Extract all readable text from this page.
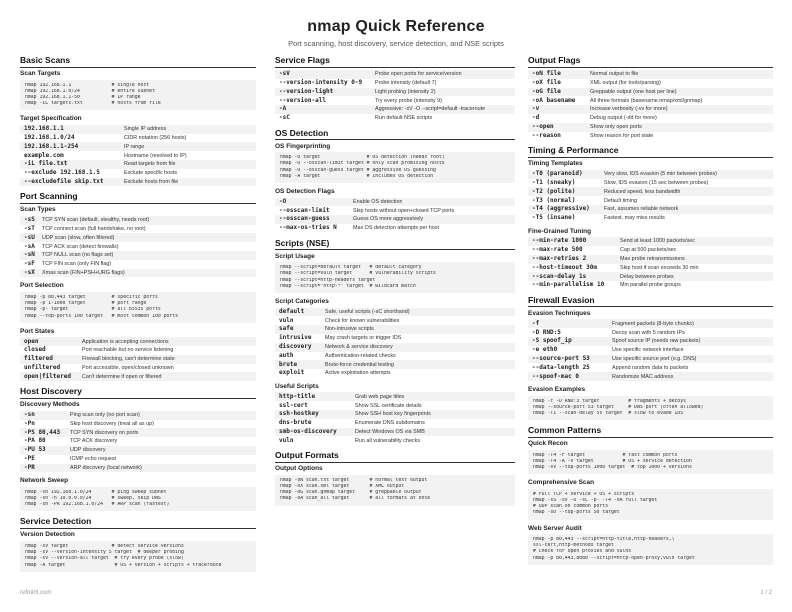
nmap Quick Reference
Port scanning, host discovery, service detection, and NSE scripts
Basic Scans
Scan Targets
nmap 192.168.1.1              # single host
nmap 192.168.1.0/24           # entire subnet
nmap 192.168.1.1-50           # IP range
nmap -iL targets.txt          # hosts from file
Target Specification
192.168.1.1	Single IP address
192.168.1.0/24	CIDR notation (256 hosts)
192.168.1.1-254	IP range
example.com	Hostname (resolved to IP)
-iL file.txt	Read targets from file
--exclude 192.168.1.5	Exclude specific hosts
--excludefile skip.txt	Exclude hosts from file
Port Scanning
Scan Types
-sS	TCP SYN scan (default, stealthy, needs root)
-sT	TCP connect scan (full handshake, no root)
-sU	UDP scan (slow, often filtered)
-sA	TCP ACK scan (detect firewalls)
-sN	TCP NULL scan (no flags set)
-sF	TCP FIN scan (only FIN flag)
-sX	Xmas scan (FIN+PSH+URG flags)
Port Selection
nmap -p 80,443 target         # specific ports
nmap -p 1-1000 target         # port range
nmap -p- target               # all 65535 ports
nmap --top-ports 100 target   # most common 100 ports
Port States
open	Application is accepting connections
closed	Port reachable but no service listening
filtered	Firewall blocking, can't determine state
unfiltered	Port accessible, open/closed unknown
open|filtered	Can't determine if open or filtered
Host Discovery
Discovery Methods
-sn	Ping scan only (no port scan)
-Pn	Skip host discovery (treat all as up)
-PS 80,443	TCP SYN discovery on ports
-PA 80	TCP ACK discovery
-PU 53	UDP discovery
-PE	ICMP echo request
-PR	ARP discovery (local network)
Network Sweep
nmap -sn 192.168.1.0/24       # ping sweep subnet
nmap -sn -n 10.0.0.0/24       # sweep, skip DNS
nmap -sn -PR 192.168.1.0/24   # ARP scan (fastest)
Service Detection
Version Detection
nmap -sV target               # detect service versions
nmap -sV --version-intensity 5 target  # deeper probing
nmap -sV --version-all target  # try every probe (slow)
nmap -A target                 # OS + version + scripts + traceroute
Service Flags
-sV	Probe open ports for service/version
--version-intensity 0-9	Probe intensity (default 7)
--version-light	Light probing (intensity 2)
--version-all	Try every probe (intensity 9)
-A	Aggressive: -sV -O --script=default -traceroute
-sC	Run default NSE scripts
OS Detection
OS Fingerprinting
nmap -O target                # OS detection (needs root)
nmap -O --osscan-limit target # only scan promising hosts
nmap -O --osscan-guess target # aggressive OS guessing
nmap -A target                # includes OS detection
OS Detection Flags
-O	Enable OS detection
--osscan-limit	Skip hosts without open+closed TCP ports
--osscan-guess	Guess OS more aggressively
--max-os-tries N	Max OS detection attempts per host
Scripts (NSE)
Script Usage
nmap --script=default target   # default category
nmap --script=vuln target      # vulnerability scripts
nmap --script=http-headers target
nmap --script="http-*" target  # wildcard match
Script Categories
default	Safe, useful scripts (-sC shorthand)
vuln	Check for known vulnerabilities
safe	Non-intrusive scripts
intrusive	May crash targets or trigger IDS
discovery	Network & service discovery
auth	Authentication-related checks
brute	Brute-force credential testing
exploit	Active exploitation attempts
Useful Scripts
http-title	Grab web page titles
ssl-cert	Show SSL certificate details
ssh-hostkey	Show SSH host key fingerprints
dns-brute	Enumerate DNS subdomains
smb-os-discovery	Detect Windows OS via SMB
vuln	Run all vulnerability checks
Output Formats
Output Options
nmap -oN scan.txt target       # normal text output
nmap -oX scan.xml target       # XML output
nmap -oG scan.gnmap target     # greppable output
nmap -oA scan_all target       # all formats at once
Output Flags
-oN file	Normal output to file
-oX file	XML output (for tools/parsing)
-oG file	Greppable output (one host per line)
-oA basename	All three formats (basename.nmap/xml/gnmap)
-v	Increase verbosity (-vv for more)
-d	Debug output (-dd for more)
--open	Show only open ports
--reason	Show reason for port state
Timing & Performance
Timing Templates
-T0 (paranoid)	Very slow, IDS evasion (5 min between probes)
-T1 (sneaky)	Slow, IDS evasion (15 sec between probes)
-T2 (polite)	Reduced speed, less bandwidth
-T3 (normal)	Default timing
-T4 (aggressive)	Fast, assumes reliable network
-T5 (insane)	Fastest, may miss results
Fine-Grained Tuning
--min-rate 1000	Send at least 1000 packets/sec
--max-rate 500	Cap at 500 packets/sec
--max-retries 2	Max probe retransmissions
--host-timeout 30m	Skip host if scan exceeds 30 min
--scan-delay 1s	Delay between probes
--min-parallelism 10	Min parallel probe groups
Firewall Evasion
Evasion Techniques
-f	Fragment packets (8-byte chunks)
-D RND:5	Decoy scan with 5 random IPs
-S spoof_ip	Spoof source IP (needs raw packets)
-e eth0	Use specific network interface
--source-port 53	Use specific source port (e.g. DNS)
--data-length 25	Append random data to packets
--spoof-mac 0	Randomize MAC address
Evasion Examples
nmap -f -D RND:3 target          # fragments + decoys
nmap --source-port 53 target     # DNS port (often allowed)
nmap -T1 --scan-delay 5s target  # slow to evade IDS
Common Patterns
Quick Recon
nmap -T4 -F target             # fast common ports
nmap -T4 -A -v target          # OS + service detection
nmap -sV --top-ports 1000 target  # top 1000 + versions
Comprehensive Scan
# Full TCP + service + OS + scripts
nmap -sS -sV -O -sC -p- -T4 -oA full target
# UDP scan on common ports
nmap -sU --top-ports 50 target
Web Server Audit
nmap -p 80,443 --script=http-title,http-headers,\
ssl-cert,http-methods target
# Check for open proxies and vulns
nmap -p 80,443,8080 --script=http-open-proxy,vuln target
refmint.com	1 / 2
